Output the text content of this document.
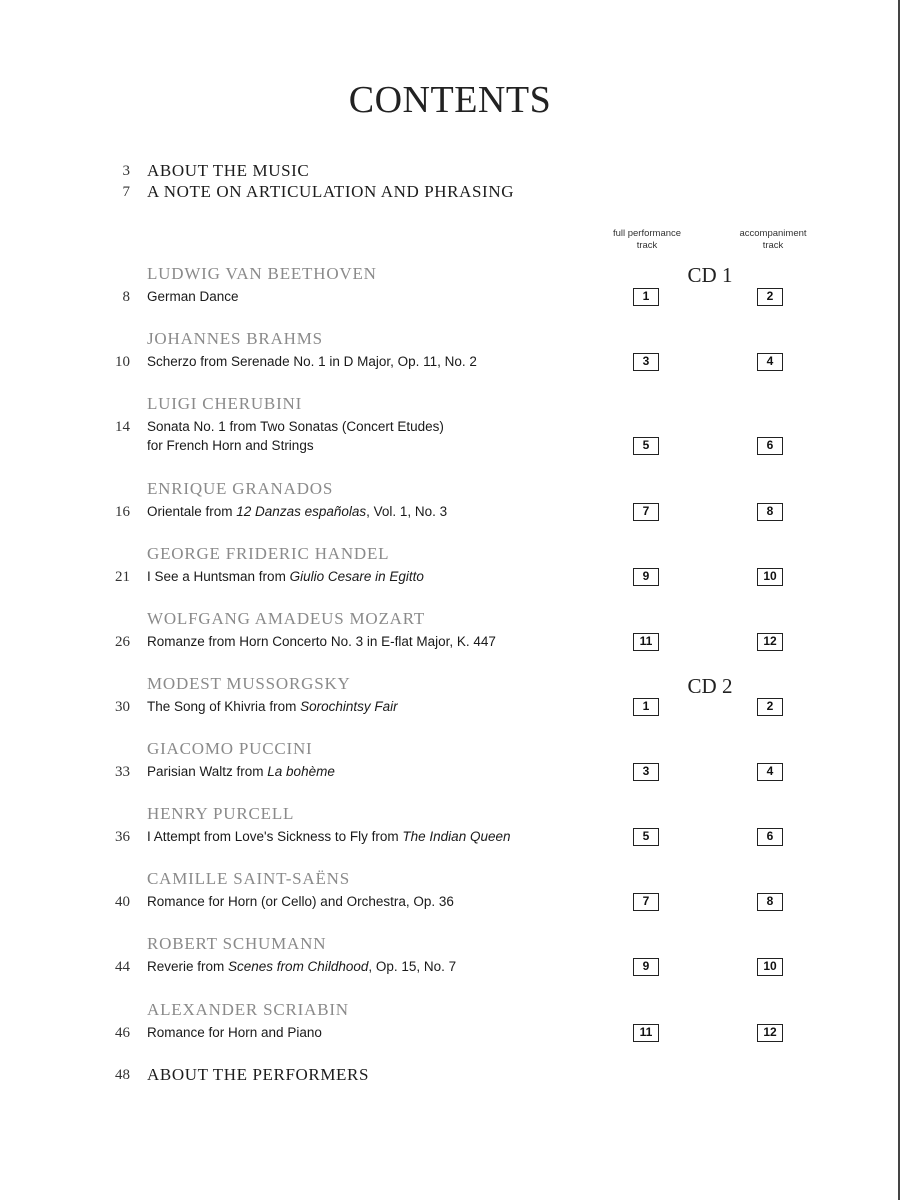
CONTENTS
3 ABOUT THE MUSIC
7 A NOTE ON ARTICULATION AND PHRASING
full performance
track
accompaniment
track
CD 1
CD 2
LUDWIG VAN BEETHOVEN
8 German Dance	1	2
JOHANNES BRAHMS
10 Scherzo from Serenade No. 1 in D Major, Op. 11, No. 2	3	4
LUIGI CHERUBINI
14 Sonata No. 1 from Two Sonatas (Concert Etudes)
for French Horn and Strings	5	6
ENRIQUE GRANADOS
16 Orientale from 12 Danzas españolas, Vol. 1, No. 3	7	8
GEORGE FRIDERIC HANDEL
21 I See a Huntsman from Giulio Cesare in Egitto	9	10
WOLFGANG AMADEUS MOZART
26 Romanze from Horn Concerto No. 3 in E-flat Major, K. 447	11	12
MODEST MUSSORGSKY
30 The Song of Khivria from Sorochintsy Fair	1	2
GIACOMO PUCCINI
33 Parisian Waltz from La bohème	3	4
HENRY PURCELL
36 I Attempt from Love's Sickness to Fly from The Indian Queen	5	6
CAMILLE SAINT-SAËNS
40 Romance for Horn (or Cello) and Orchestra, Op. 36	7	8
ROBERT SCHUMANN
44 Reverie from Scenes from Childhood, Op. 15, No. 7	9	10
ALEXANDER SCRIABIN
46 Romance for Horn and Piano	11	12
48 ABOUT THE PERFORMERS
